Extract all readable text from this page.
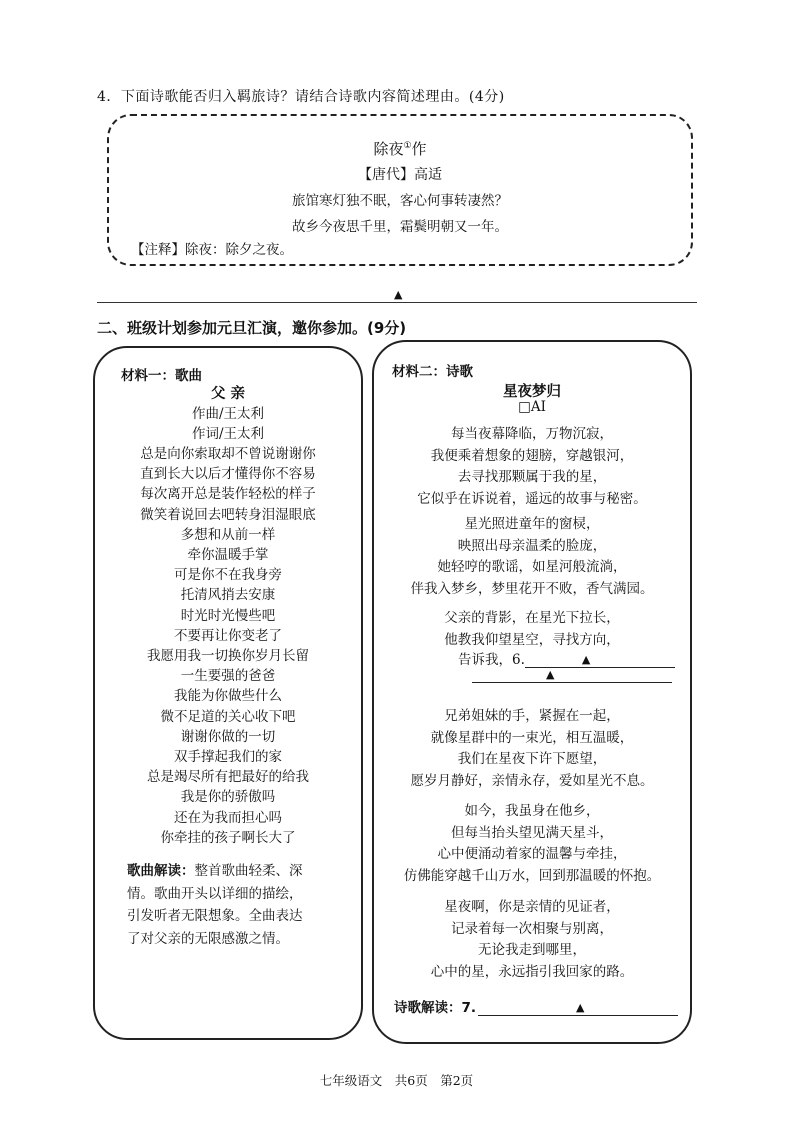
4．下面诗歌能否归入羁旅诗？请结合诗歌内容简述理由。(4分)
除夜①作
【唐代】高适
旅馆寒灯独不眠，客心何事转凄然？
故乡今夜思千里，霜鬓明朝又一年。
【注释】除夜：除夕之夜。
▲
二、班级计划参加元旦汇演，邀你参加。(9分)
材料一：歌曲
父 亲
作曲/王太利
作词/王太利
总是向你索取却不曾说谢谢你
直到长大以后才懂得你不容易
每次离开总是装作轻松的样子
微笑着说回去吧转身泪湿眼底
多想和从前一样
牵你温暖手掌
可是你不在我身旁
托清风捎去安康
时光时光慢些吧
不要再让你变老了
我愿用我一切换你岁月长留
一生要强的爸爸
我能为你做些什么
微不足道的关心收下吧
谢谢你做的一切
双手撑起我们的家
总是竭尽所有把最好的给我
我是你的骄傲吗
还在为我而担心吗
你牵挂的孩子啊长大了
歌曲解读：整首歌曲轻柔、深
情。歌曲开头以详细的描绘，
引发听者无限想象。全曲表达
了对父亲的无限感激之情。
材料二：诗歌
星夜梦归
□AI
每当夜幕降临，万物沉寂，
我便乘着想象的翅膀，穿越银河，
去寻找那颗属于我的星，
它似乎在诉说着，遥远的故事与秘密。
星光照进童年的窗棂，
映照出母亲温柔的脸庞，
她轻哼的歌谣，如星河般流淌，
伴我入梦乡，梦里花开不败，香气满园。
父亲的背影，在星光下拉长，
他教我仰望星空，寻找方向，
兄弟姐妹的手，紧握在一起，
就像星群中的一束光，相互温暖，
我们在星夜下许下愿望，
愿岁月静好，亲情永存，爱如星光不息。
如今，我虽身在他乡，
但每当抬头望见满天星斗，
心中便涌动着家的温馨与牵挂，
仿佛能穿越千山万水，回到那温暖的怀抱。
星夜啊，你是亲情的见证者，
记录着每一次相聚与别离，
无论我走到哪里，
心中的星，永远指引我回家的路。
告诉我，6.	▲
▲
诗歌解读：7.	▲
七年级语文　共6页　第2页
